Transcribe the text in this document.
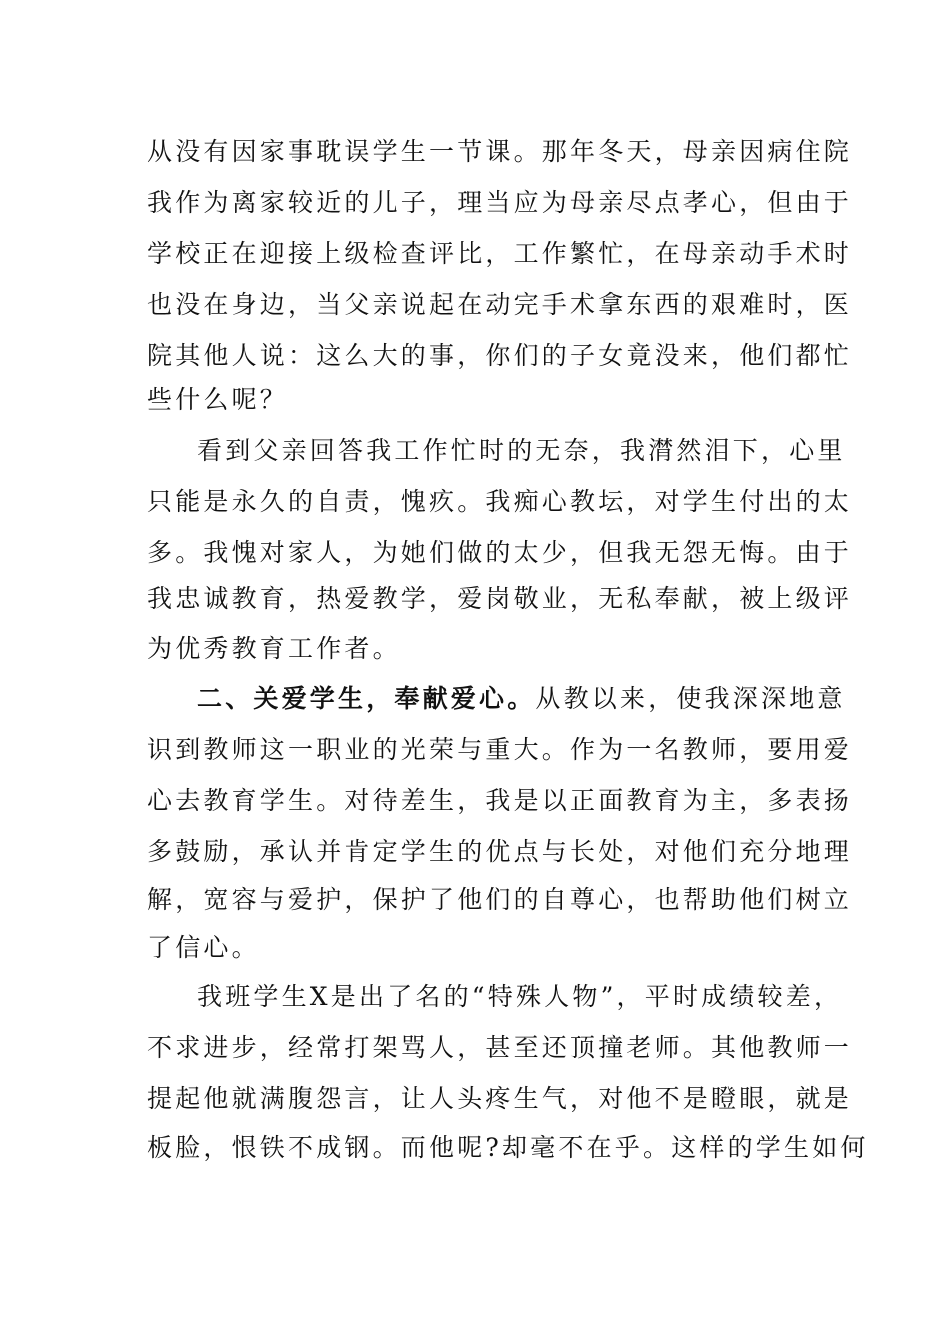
从没有因家事耽误学生一节课。那年冬天，母亲因病住院
我作为离家较近的儿子，理当应为母亲尽点孝心，但由于
学校正在迎接上级检查评比，工作繁忙，在母亲动手术时
也没在身边，当父亲说起在动完手术拿东西的艰难时，医
院其他人说：这么大的事，你们的子女竟没来，他们都忙
些什么呢？
看到父亲回答我工作忙时的无奈，我潸然泪下，心里
只能是永久的自责，愧疚。我痴心教坛，对学生付出的太
多。我愧对家人，为她们做的太少，但我无怨无悔。由于
我忠诚教育，热爱教学，爱岗敬业，无私奉献，被上级评
为优秀教育工作者。
二、关爱学生，奉献爱心。从教以来，使我深深地意
识到教师这一职业的光荣与重大。作为一名教师，要用爱
心去教育学生。对待差生，我是以正面教育为主，多表扬
多鼓励，承认并肯定学生的优点与长处，对他们充分地理
解，宽容与爱护，保护了他们的自尊心，也帮助他们树立
了信心。
我班学生X是出了名的“特殊人物”，平时成绩较差，
不求进步，经常打架骂人，甚至还顶撞老师。其他教师一
提起他就满腹怨言，让人头疼生气，对他不是瞪眼，就是
板脸，恨铁不成钢。而他呢?却毫不在乎。这样的学生如何
